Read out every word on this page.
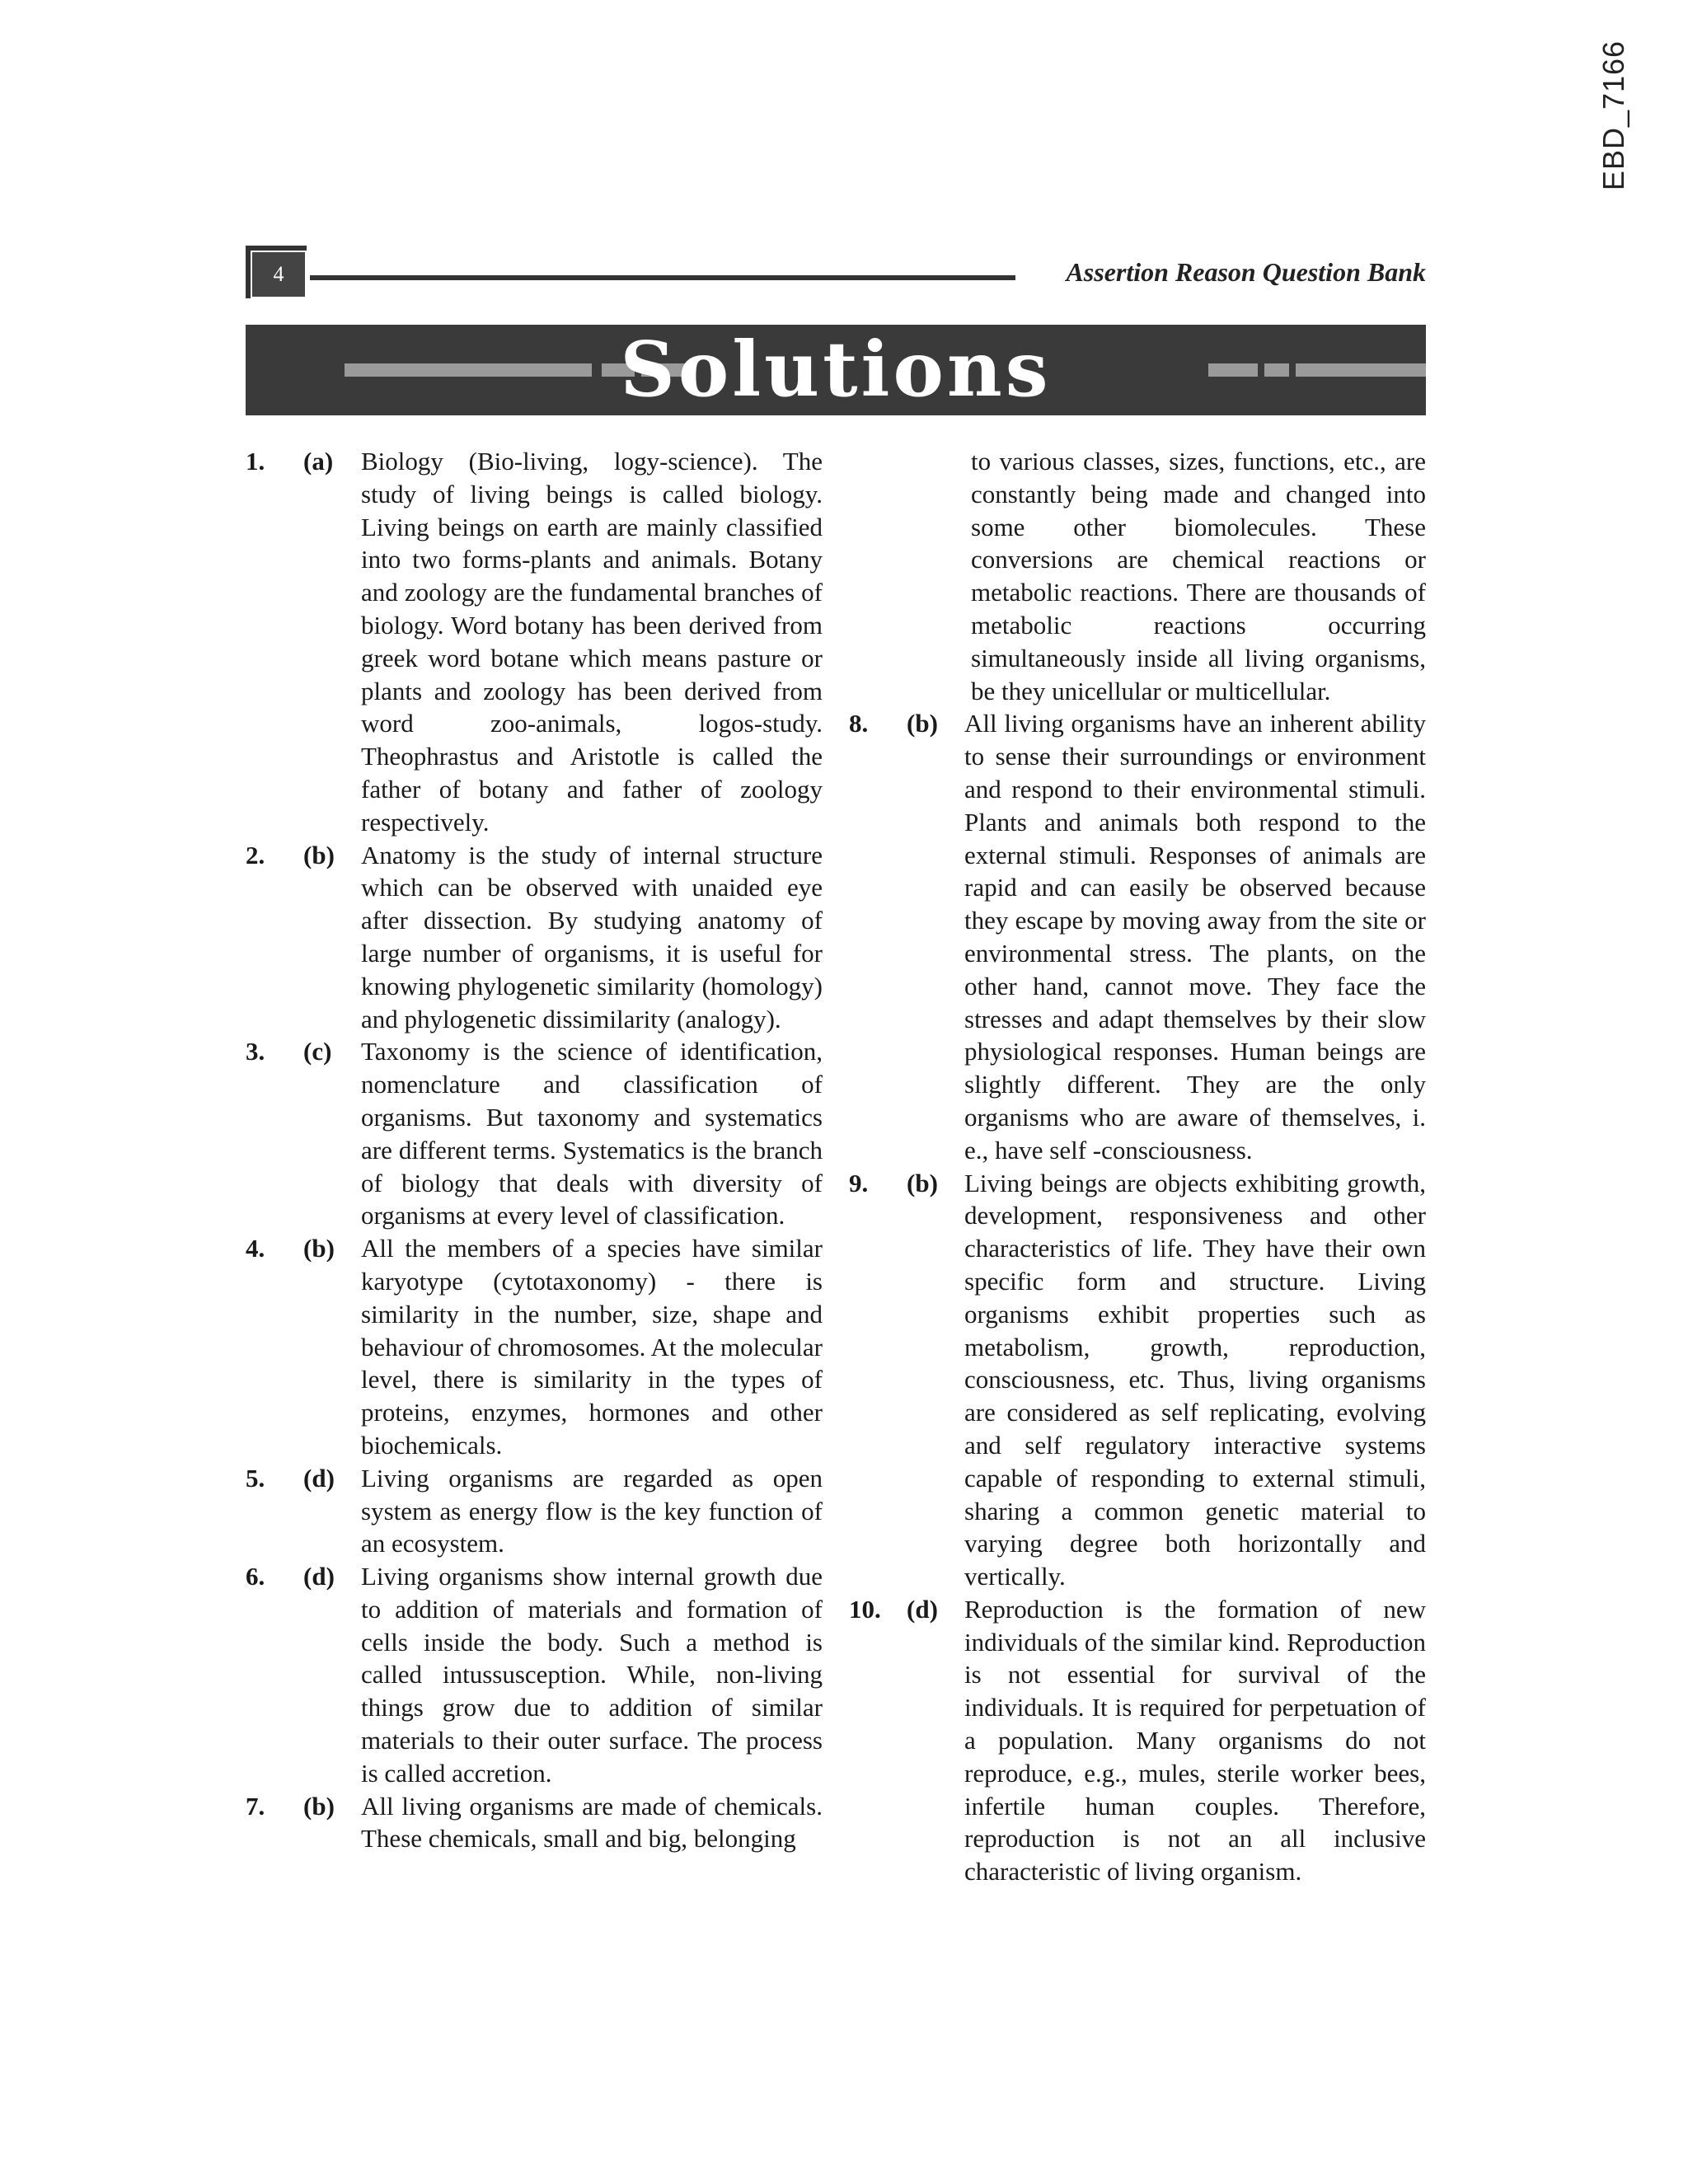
EBD_7166
4	Assertion Reason Question Bank
Solutions
1.	(a)	Biology (Bio-living, logy-science). The study of living beings is called biology. Living beings on earth are mainly classified into two forms-plants and animals. Botany and zoology are the fundamental branches of biology. Word botany has been derived from greek word botane which means pasture or plants and zoology has been derived from word zoo-animals, logos-study. Theophrastus and Aristotle is called the father of botany and father of zoology respectively.
2.	(b)	Anatomy is the study of internal structure which can be observed with unaided eye after dissection. By studying anatomy of large number of organisms, it is useful for knowing phylogenetic similarity (homology) and phylogenetic dissimilarity (analogy).
3.	(c)	Taxonomy is the science of identification, nomenclature and classification of organisms. But taxonomy and systematics are different terms. Systematics is the branch of biology that deals with diversity of organisms at every level of classification.
4.	(b)	All the members of a species have similar karyotype (cytotaxonomy) - there is similarity in the number, size, shape and behaviour of chromosomes. At the molecular level, there is similarity in the types of proteins, enzymes, hormones and other biochemicals.
5.	(d)	Living organisms are regarded as open system as energy flow is the key function of an ecosystem.
6.	(d)	Living organisms show internal growth due to addition of materials and formation of cells inside the body. Such a method is called intussusception. While, non-living things grow due to addition of similar materials to their outer surface. The process is called accretion.
7.	(b)	All living organisms are made of chemicals. These chemicals, small and big, belonging
to various classes, sizes, functions, etc., are constantly being made and changed into some other biomolecules. These conversions are chemical reactions or metabolic reactions. There are thousands of metabolic reactions occurring simultaneously inside all living organisms, be they unicellular or multicellular.
8.	(b)	All living organisms have an inherent ability to sense their surroundings or environment and respond to their environmental stimuli. Plants and animals both respond to the external stimuli. Responses of animals are rapid and can easily be observed because they escape by moving away from the site or environmental stress. The plants, on the other hand, cannot move. They face the stresses and adapt themselves by their slow physiological responses. Human beings are slightly different. They are the only organisms who are aware of themselves, i. e., have self -consciousness.
9.	(b)	Living beings are objects exhibiting growth, development, responsiveness and other characteristics of life. They have their own specific form and structure. Living organisms exhibit properties such as metabolism, growth, reproduction, consciousness, etc. Thus, living organisms are considered as self replicating, evolving and self regulatory interactive systems capable of responding to external stimuli, sharing a common genetic material to varying degree both horizontally and vertically.
10.	(d)	Reproduction is the formation of new individuals of the similar kind. Reproduction is not essential for survival of the individuals. It is required for perpetuation of a population. Many organisms do not reproduce, e.g., mules, sterile worker bees, infertile human couples. Therefore, reproduction is not an all inclusive characteristic of living organism.
